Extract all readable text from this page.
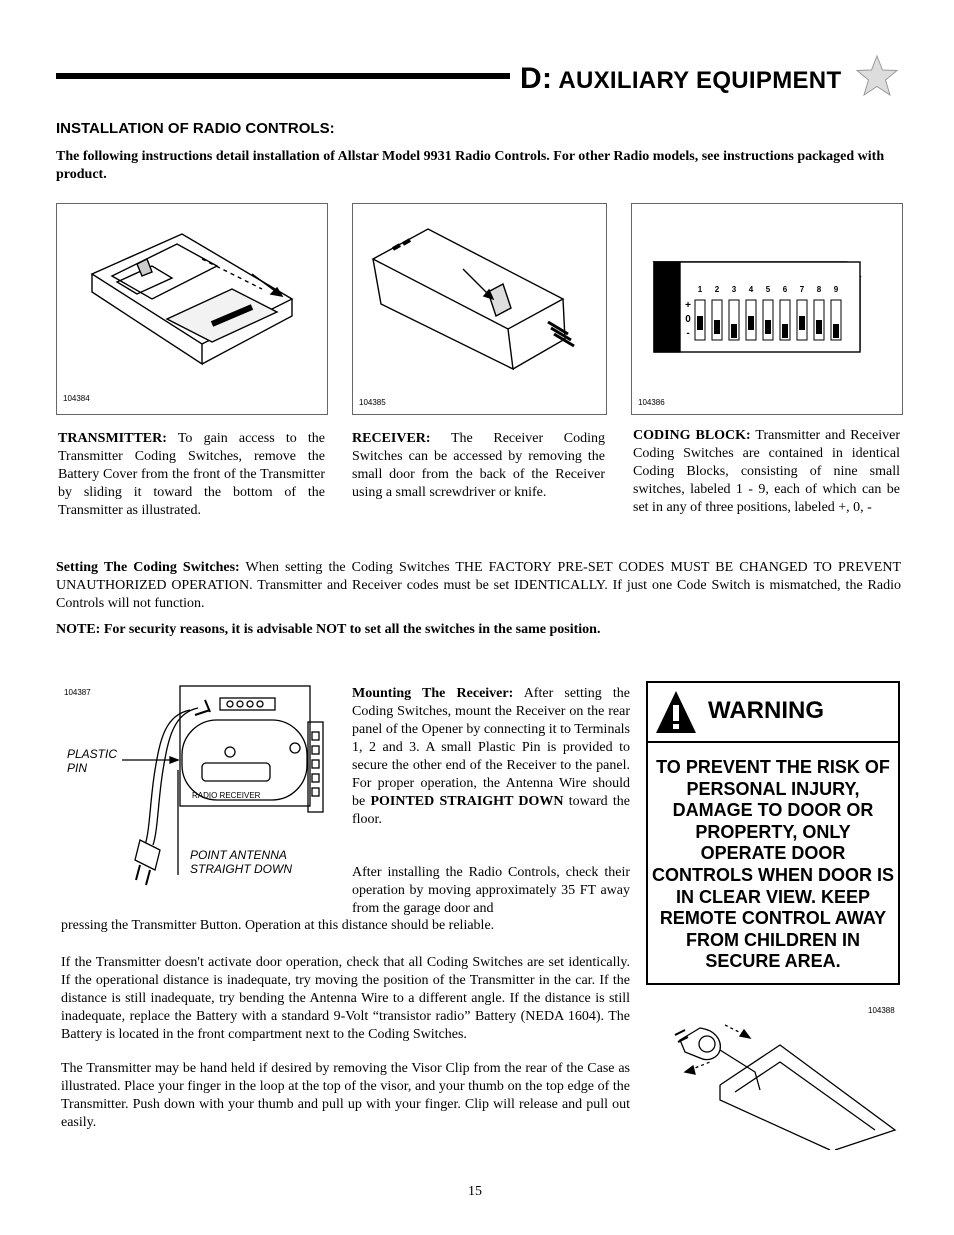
D: AUXILIARY EQUIPMENT
INSTALLATION OF RADIO CONTROLS:
The following instructions detail installation of Allstar Model 9931 Radio Controls. For other Radio models, see instructions packaged with product.
104384	104385
1 2 3 4 5 6 7 8 9
+
0
-
104386
TRANSMITTER: To gain access to the Transmitter Coding Switches, remove the Battery Cover from the front of the Transmitter by sliding it toward the bottom of the Transmitter as illustrated.
RECEIVER: The Receiver Coding Switches can be accessed by removing the small door from the back of the Receiver using a small screwdriver or knife.
CODING BLOCK: Transmitter and Receiver Coding Switches are contained in identical Coding Blocks, consisting of nine small switches, labeled 1 - 9, each of which can be set in any of three positions, labeled +, 0, -
Setting The Coding Switches: When setting the Coding Switches THE FACTORY PRE-SET CODES MUST BE CHANGED TO PREVENT UNAUTHORIZED OPERATION. Transmitter and Receiver codes must be set IDENTICALLY. If just one Code Switch is mismatched, the Radio Controls will not function.
NOTE: For security reasons, it is advisable NOT to set all the switches in the same position.
104387
RADIO RECEIVER
PLASTIC PIN
POINT ANTENNA STRAIGHT DOWN
Mounting The Receiver: After setting the Coding Switches, mount the Receiver on the rear panel of the Opener by connecting it to Terminals 1, 2 and 3. A small Plastic Pin is provided to secure the other end of the Receiver to the panel. For proper operation, the Antenna Wire should be POINTED STRAIGHT DOWN toward the floor.
After installing the Radio Controls, check their operation by moving approximately 35 FT away from the garage door and
pressing the Transmitter Button. Operation at this distance should be reliable.
If the Transmitter doesn't activate door operation, check that all Coding Switches are set identically. If the operational distance is inadequate, try moving the position of the Transmitter in the car. If the distance is still inadequate, try bending the Antenna Wire to a different angle. If the distance is still inadequate, replace the Battery with a standard 9-Volt “transistor radio” Battery (NEDA 1604). The Battery is located in the front compartment next to the Coding Switches.
The Transmitter may be hand held if desired by removing the Visor Clip from the rear of the Case as illustrated. Place your finger in the loop at the top of the visor, and your thumb on the top edge of the Transmitter. Push down with your thumb and pull up with your finger. Clip will release and pull out easily.
WARNING
TO PREVENT THE RISK OF PERSONAL INJURY, DAMAGE TO DOOR OR PROPERTY, ONLY OPERATE DOOR CONTROLS WHEN DOOR IS IN CLEAR VIEW. KEEP REMOTE CONTROL AWAY FROM CHILDREN IN SECURE AREA.
104388
15
